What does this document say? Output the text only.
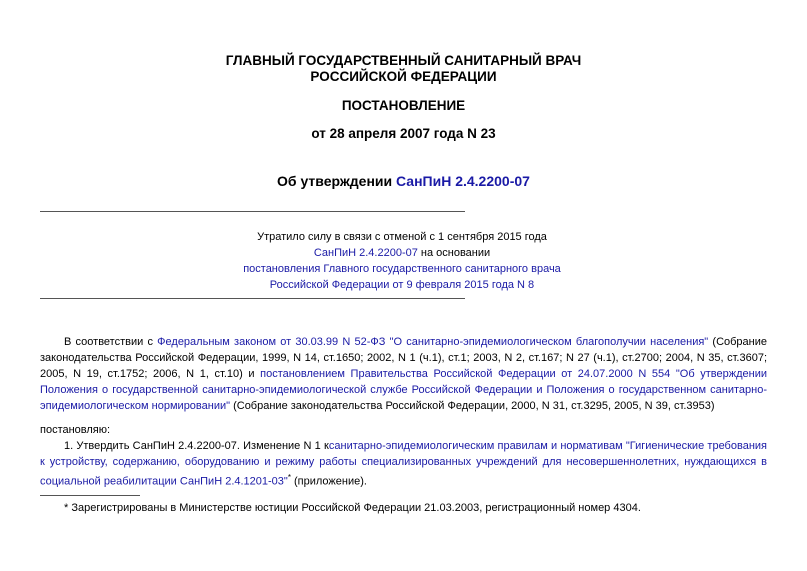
ГЛАВНЫЙ ГОСУДАРСТВЕННЫЙ САНИТАРНЫЙ ВРАЧ
РОССИЙСКОЙ ФЕДЕРАЦИИ
ПОСТАНОВЛЕНИЕ
от 28 апреля 2007 года N 23
Об утверждении СанПиН 2.4.2200-07
Утратило силу в связи с отменой с 1 сентября 2015 года
СанПиН 2.4.2200-07 на основании
постановления Главного государственного санитарного врача
Российской Федерации от 9 февраля 2015 года N 8
В соответствии с Федеральным законом от 30.03.99 N 52-ФЗ "О санитарно-эпидемиологическом благополучии населения" (Собрание законодательства Российской Федерации, 1999, N 14, ст.1650; 2002, N 1 (ч.1), ст.1; 2003, N 2, ст.167; N 27 (ч.1), ст.2700; 2004, N 35, ст.3607; 2005, N 19, ст.1752; 2006, N 1, ст.10) и постановлением Правительства Российской Федерации от 24.07.2000 N 554 "Об утверждении Положения о государственной санитарно-эпидемиологической службе Российской Федерации и Положения о государственном санитарно-эпидемиологическом нормировании" (Собрание законодательства Российской Федерации, 2000, N 31, ст.3295, 2005, N 39, ст.3953)
постановляю:
1. Утвердить СанПиН 2.4.2200-07. Изменение N 1 ксанитарно-эпидемиологическим правилам и нормативам "Гигиенические требования к устройству, содержанию, оборудованию и режиму работы специализированных учреждений для несовершеннолетних, нуждающихся в социальной реабилитации СанПиН 2.4.1201-03"* (приложение).
* Зарегистрированы в Министерстве юстиции Российской Федерации 21.03.2003, регистрационный номер 4304.
